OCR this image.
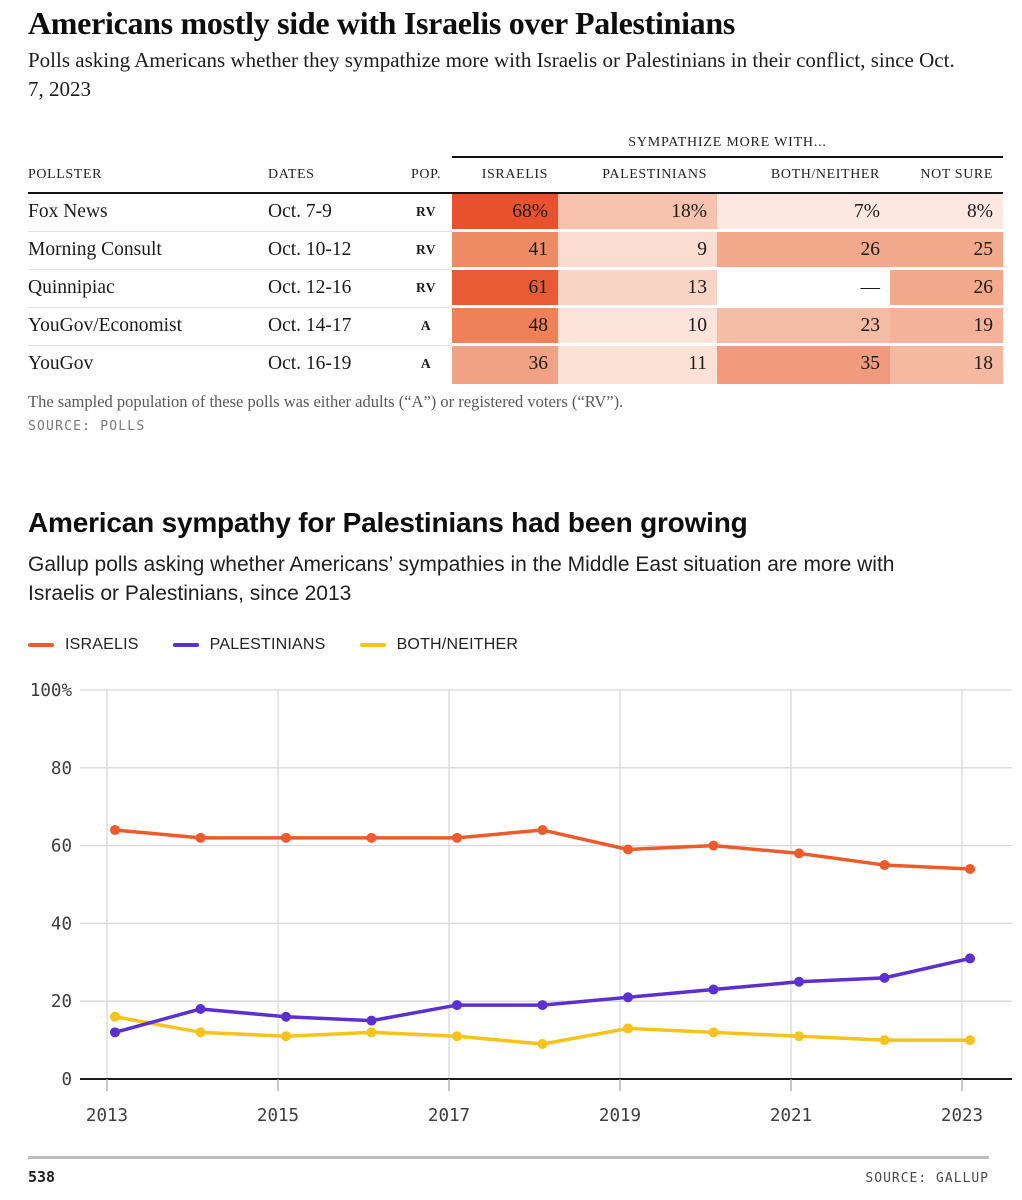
Americans mostly side with Israelis over Palestinians

Polls asking Americans whether they sympathize more with Israelis or Palestinians in their conflict, since Oct. 7, 2023

SYMPATHIZE MORE WITH...
POLLSTER	DATES	POP.	ISRAELIS	PALESTINIANS	BOTH/NEITHER	NOT SURE
Fox News	Oct. 7-9	RV	68%	18%	7%	8%
Morning Consult	Oct. 10-12	RV	41	9	26	25
Quinnipiac	Oct. 12-16	RV	61	13	—	26
YouGov/Economist	Oct. 14-17	A	48	10	23	19
YouGov	Oct. 16-19	A	36	11	35	18

The sampled population of these polls was either adults (“A”) or registered voters (“RV”).

SOURCE: POLLS

American sympathy for Palestinians had been growing

Gallup polls asking whether Americans’ sympathies in the Middle East situation are more with Israelis or Palestinians, since 2013

ISRAELIS	PALESTINIANS	BOTH/NEITHER
2013	2015	2017	2019	2021	2023
0
20
40
60
80
100%
538	SOURCE: GALLUP
